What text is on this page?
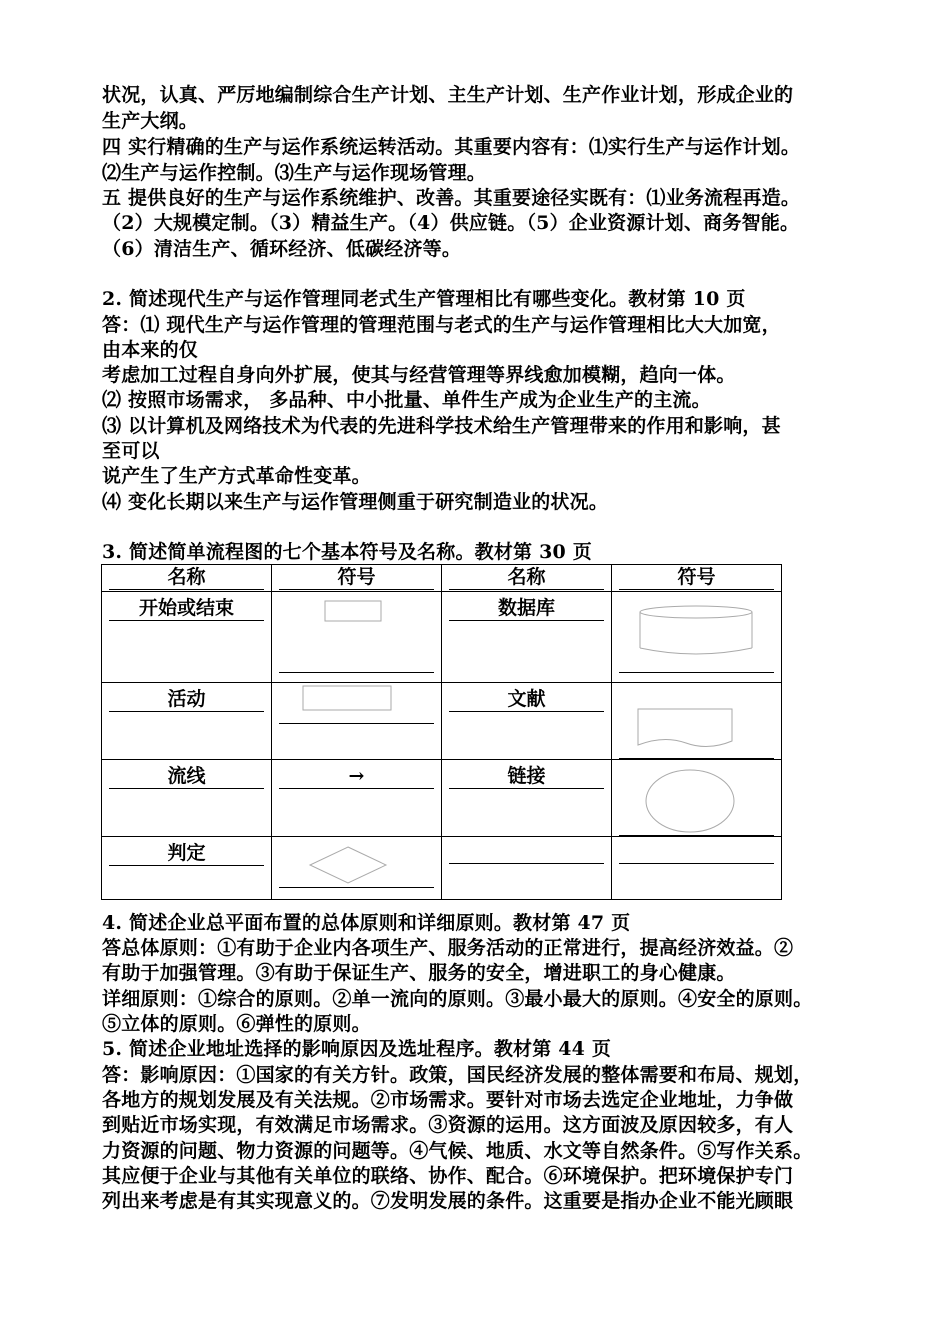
状况，认真、严厉地编制综合生产计划、主生产计划、生产作业计划，形成企业的
生产大纲。
四 实行精确的生产与运作系统运转活动。其重要内容有：⑴实行生产与运作计划。
⑵生产与运作控制。⑶生产与运作现场管理。
五 提供良好的生产与运作系统维护、改善。其重要途径实既有：⑴业务流程再造。
（2）大规模定制。（3）精益生产。（4）供应链。（5）企业资源计划、商务智能。
（6）清洁生产、循环经济、低碳经济等。
2. 简述现代生产与运作管理同老式生产管理相比有哪些变化。教材第 10 页
答：⑴ 现代生产与运作管理的管理范围与老式的生产与运作管理相比大大加宽，
由本来的仅
考虑加工过程自身向外扩展，使其与经营管理等界线愈加模糊，趋向一体。
⑵ 按照市场需求， 多品种、中小批量、单件生产成为企业生产的主流。
⑶ 以计算机及网络技术为代表的先进科学技术给生产管理带来的作用和影响，甚
至可以
说产生了生产方式革命性变革。
⑷ 变化长期以来生产与运作管理侧重于研究制造业的状况。
3. 简述简单流程图的七个基本符号及名称。教材第 30 页
名称	符号	名称	符号

开始或结束		数据库

活动		文献

流线	→	链接

判定

4. 简述企业总平面布置的总体原则和详细原则。教材第 47 页
答总体原则：①有助于企业内各项生产、服务活动的正常进行，提高经济效益。②
有助于加强管理。③有助于保证生产、服务的安全，增进职工的身心健康。
详细原则：①综合的原则。②单一流向的原则。③最小最大的原则。④安全的原则。
⑤立体的原则。⑥弹性的原则。
5. 简述企业地址选择的影响原因及选址程序。教材第 44 页
答：影响原因：①国家的有关方针。政策，国民经济发展的整体需要和布局、规划，
各地方的规划发展及有关法规。②市场需求。要针对市场去选定企业地址，力争做
到贴近市场实现，有效满足市场需求。③资源的运用。这方面波及原因较多，有人
力资源的问题、物力资源的问题等。④气候、地质、水文等自然条件。⑤写作关系。
其应便于企业与其他有关单位的联络、协作、配合。⑥环境保护。把环境保护专门
列出来考虑是有其实现意义的。⑦发明发展的条件。这重要是指办企业不能光顾眼
